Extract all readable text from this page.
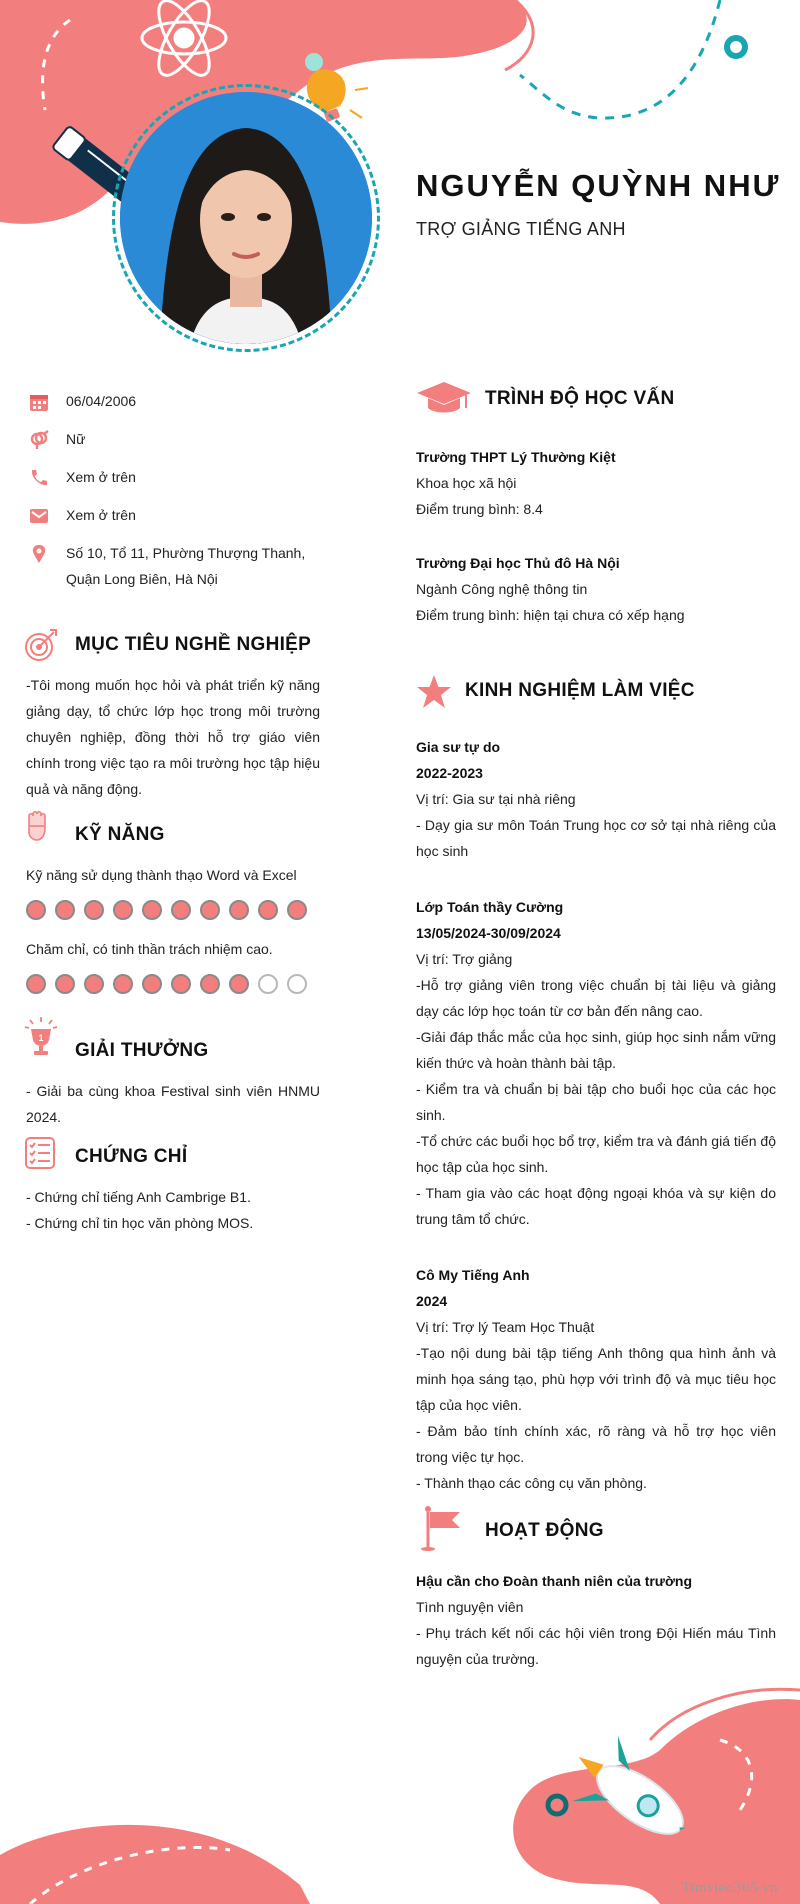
NGUYỄN QUỲNH NHƯ
TRỢ GIẢNG TIẾNG ANH
06/04/2006
Nữ
Xem ở trên
Xem ở trên
Số 10, Tổ 11, Phường Thượng Thanh, Quận Long Biên, Hà Nội
MỤC TIÊU NGHỀ NGHIỆP
-Tôi mong muốn học hỏi và phát triển kỹ năng giảng dạy, tổ chức lớp học trong môi trường chuyên nghiệp, đồng thời hỗ trợ giáo viên chính trong việc tạo ra môi trường học tập hiệu quả và năng động.
KỸ NĂNG
Kỹ năng sử dụng thành thạo Word và Excel
Chăm chỉ, có tinh thần trách nhiệm cao.
1
GIẢI THƯỞNG
- Giải ba cùng khoa Festival sinh viên HNMU 2024.
CHỨNG CHỈ

- Chứng chỉ tiếng Anh Cambrige B1.

- Chứng chỉ tin học văn phòng MOS.

TRÌNH ĐỘ HỌC VẤN

Trường THPT Lý Thường Kiệt

Khoa học xã hội

Điểm trung bình: 8.4

Trường Đại học Thủ đô Hà Nội

Ngành Công nghệ thông tin

Điểm trung bình: hiện tại chưa có xếp hạng

KINH NGHIỆM LÀM VIỆC

Gia sư tự do

2022-2023

Vị trí: Gia sư tại nhà riêng

- Dạy gia sư môn Toán Trung học cơ sở tại nhà riêng của học sinh

Lớp Toán thầy Cường

13/05/2024-30/09/2024

Vị trí: Trợ giảng

-Hỗ trợ giảng viên trong việc chuẩn bị tài liệu và giảng dạy các lớp học toán từ cơ bản đến nâng cao.

-Giải đáp thắc mắc của học sinh, giúp học sinh nắm vững kiến thức và hoàn thành bài tập.

- Kiểm tra và chuẩn bị bài tập cho buổi học của các học sinh.

-Tổ chức các buổi học bổ trợ, kiểm tra và đánh giá tiến độ học tập của học sinh.

- Tham gia vào các hoạt động ngoại khóa và sự kiện do trung tâm tổ chức.

Cô My Tiếng Anh

2024

Vị trí: Trợ lý Team Học Thuật

-Tạo nội dung bài tập tiếng Anh thông qua hình ảnh và minh họa sáng tạo, phù hợp với trình độ và mục tiêu học tập của học viên.

- Đảm bảo tính chính xác, rõ ràng và hỗ trợ học viên trong việc tự học.

- Thành thạo các công cụ văn phòng.

HOẠT ĐỘNG

Hậu cần cho Đoàn thanh niên của trường

Tình nguyện viên

- Phụ trách kết nối các hội viên trong Đội Hiến máu Tình nguyện của trường.

∴ Timviec365.vn
